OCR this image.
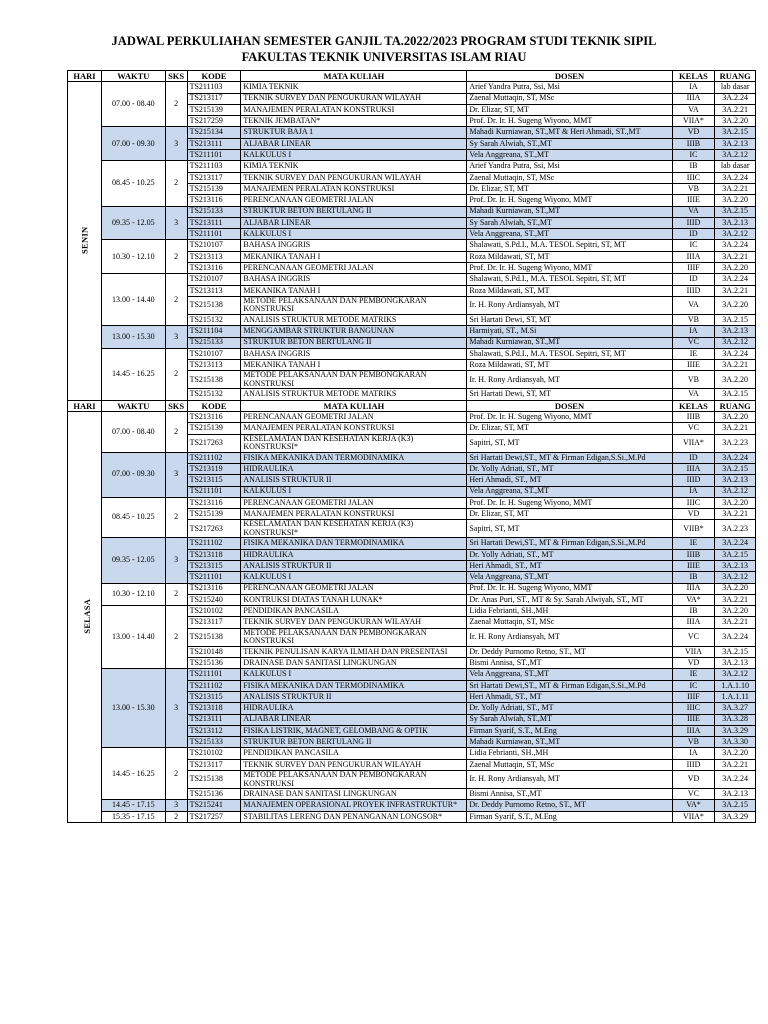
JADWAL PERKULIAHAN SEMESTER GANJIL TA.2022/2023 PROGRAM STUDI TEKNIK SIPIL
FAKULTAS TEKNIK UNIVERSITAS ISLAM RIAU
HARI	WAKTU	SKS	KODE	MATA KULIAH	DOSEN	KELAS	RUANG
SENIN	07.00 - 08.40	2	TS211103	KIMIA TEKNIK	Arief Yandra Putra, Ssi, Msi	IA	lab dasar
			TS213117	TEKNIK SURVEY DAN PENGUKURAN WILAYAH	Zaenal Muttaqin, ST, MSc	IIIA	3A.2.24
			TS215139	MANAJEMEN PERALATAN KONSTRUKSI	Dr. Elizar, ST, MT	VA	3A.2.21
			TS217259	TEKNIK JEMBATAN*	Prof. Dr. Ir. H. Sugeng Wiyono, MMT	VIIA*	3A.2.20
	07.00 - 09.30	3	TS215134	STRUKTUR BAJA 1	Mahadi Kurniawan, ST.,MT & Heri Ahmadi, ST.,MT	VD	3A.2.15
			TS213111	ALJABAR LINEAR	Sy Sarah Alwiah, ST.,MT	IIIB	3A.2.13
			TS211101	KALKULUS I	Vela Anggreana, ST.,MT	IC	3A.2.12
	08.45 - 10.25	2	TS211103	KIMIA TEKNIK	Arief Yandra Putra, Ssi, Msi	IB	lab dasar
			TS213117	TEKNIK SURVEY DAN PENGUKURAN WILAYAH	Zaenal Muttaqin, ST, MSc	IIIC	3A.2.24
			TS215139	MANAJEMEN PERALATAN KONSTRUKSI	Dr. Elizar, ST, MT	VB	3A.2.21
			TS213116	PERENCANAAN GEOMETRI JALAN	Prof. Dr. Ir. H. Sugeng Wiyono, MMT	IIIE	3A.2.20
	09.35 - 12.05	3	TS215133	STRUKTUR BETON BERTULANG II	Mahadi Kurniawan, ST.,MT	VA	3A.2.15
			TS213111	ALJABAR LINEAR	Sy Sarah Alwiah, ST.,MT	IIID	3A.2.13
			TS211101	KALKULUS I	Vela Anggreana, ST.,MT	ID	3A.2.12
	10.30 - 12.10	2	TS210107	BAHASA INGGRIS	Shalawati, S.Pd.I., M.A. TESOL Sepitri, ST, MT	IC	3A.2.24
			TS213113	MEKANIKA TANAH I	Roza Mildawati, ST, MT	IIIA	3A.2.21
			TS213116	PERENCANAAN GEOMETRI JALAN	Prof. Dr. Ir. H. Sugeng Wiyono, MMT	IIIF	3A.2.20
	13.00 - 14.40	2	TS210107	BAHASA INGGRIS	Shalawati, S.Pd.I., M.A. TESOL Sepitri, ST, MT	ID	3A.2.24
			TS213113	MEKANIKA TANAH I	Roza Mildawati, ST, MT	IIID	3A.2.21
			TS215138	METODE PELAKSANAAN DAN PEMBONGKARAN KONSTRUKSI	Ir. H. Rony Ardiansyah, MT	VA	3A.2.20
			TS215132	ANALISIS STRUKTUR METODE MATRIKS	Sri Hartati Dewi, ST, MT	VB	3A.2.15
	13.00 - 15.30	3	TS211104	MENGGAMBAR STRUKTUR BANGUNAN	Harmiyati, ST., M.Si	IA	3A.2.13
			TS215133	STRUKTUR BETON BERTULANG II	Mahadi Kurniawan, ST.,MT	VC	3A.2.12
	14.45 - 16.25	2	TS210107	BAHASA INGGRIS	Shalawati, S.Pd.I., M.A. TESOL Sepitri, ST, MT	IE	3A.2.24
			TS213113	MEKANIKA TANAH I	Roza Mildawati, ST, MT	IIIE	3A.2.21
			TS215138	METODE PELAKSANAAN DAN PEMBONGKARAN KONSTRUKSI	Ir. H. Rony Ardiansyah, MT	VB	3A.2.20
			TS215132	ANALISIS STRUKTUR METODE MATRIKS	Sri Hartati Dewi, ST, MT	VA	3A.2.15
HARI	WAKTU	SKS	KODE	MATA KULIAH	DOSEN	KELAS	RUANG
SELASA	07.00 - 08.40	2	TS213116	PERENCANAAN GEOMETRI JALAN	Prof. Dr. Ir. H. Sugeng Wiyono, MMT	IIIB	3A.2.20
			TS215139	MANAJEMEN PERALATAN KONSTRUKSI	Dr. Elizar, ST, MT	VC	3A.2.21
			TS217263	KESELAMATAN DAN KESEHATAN KERJA (K3) KONSTRUKSI*	Sapitri, ST, MT	VIIA*	3A.2.23
	07.00 - 09.30	3	TS211102	FISIKA MEKANIKA DAN TERMODINAMIKA	Sri Hartati Dewi,ST., MT & Firman Edigan,S.Si.,M.Pd	ID	3A.2.24
			TS213119	HIDRAULIKA	Dr. Yolly Adriati, ST., MT	IIIA	3A.2.15
			TS213115	ANALISIS STRUKTUR II	Heri Ahmadi, ST., MT	IIID	3A.2.13
			TS211101	KALKULUS I	Vela Anggreana, ST.,MT	IA	3A.2.12
	08.45 - 10.25	2	TS213116	PERENCANAAN GEOMETRI JALAN	Prof. Dr. Ir. H. Sugeng Wiyono, MMT	IIIC	3A.2.20
			TS215139	MANAJEMEN PERALATAN KONSTRUKSI	Dr. Elizar, ST, MT	VD	3A.2.21
			TS217263	KESELAMATAN DAN KESEHATAN KERJA (K3) KONSTRUKSI*	Sapitri, ST, MT	VIIB*	3A.2.23
	09.35 - 12.05	3	TS211102	FISIKA MEKANIKA DAN TERMODINAMIKA	Sri Hartati Dewi,ST., MT & Firman Edigan,S.Si.,M.Pd	IE	3A.2.24
			TS213118	HIDRAULIKA	Dr. Yolly Adriati, ST., MT	IIIB	3A.2.15
			TS213115	ANALISIS STRUKTUR II	Heri Ahmadi, ST., MT	IIIE	3A.2.13
			TS211101	KALKULUS I	Vela Anggreana, ST.,MT	IB	3A.2.12
	10.30 - 12.10	2	TS213116	PERENCANAAN GEOMETRI JALAN	Prof. Dr. Ir. H. Sugeng Wiyono, MMT	IIIA	3A.2.20
			TS215240	KONTRUKSI DIATAS TANAH LUNAK*	Dr. Anas Puri, ST., MT & Sy. Sarah Alwiyah, ST., MT	VA*	3A.2.21
	13.00 - 14.40	2	TS210102	PENDIDIKAN PANCASILA	Lidia Febrianti, SH.,MH	IB	3A.2.20
			TS213117	TEKNIK SURVEY DAN PENGUKURAN WILAYAH	Zaenal Muttaqin, ST, MSc	IIIA	3A.2.21
			TS215138	METODE PELAKSANAAN DAN PEMBONGKARAN KONSTRUKSI	Ir. H. Rony Ardiansyah, MT	VC	3A.2.24
			TS210148	TEKNIK PENULISAN KARYA ILMIAH DAN PRESENTASI	Dr. Deddy Purnomo Retno, ST., MT	VIIA	3A.2.15
			TS215136	DRAINASE DAN SANITASI LINGKUNGAN	Bismi Annisa, ST.,MT	VD	3A.2.13
	13.00 - 15.30	3	TS211101	KALKULUS I	Vela Anggreana, ST.,MT	IE	3A.2.12
			TS211102	FISIKA MEKANIKA DAN TERMODINAMIKA	Sri Hartati Dewi,ST., MT & Firman Edigan,S.Si.,M.Pd	IC	1.A.1.10
			TS213115	ANALISIS STRUKTUR II	Heri Ahmadi, ST., MT	IIIF	1.A.1.11
			TS213118	HIDRAULIKA	Dr. Yolly Adriati, ST., MT	IIIC	3A.3.27
			TS213111	ALJABAR LINEAR	Sy Sarah Alwiah, ST.,MT	IIIE	3A.3.28
			TS213112	FISIKA LISTRIK, MAGNET, GELOMBANG & OPTIK	Firman Syarif, S.T., M.Eng	IIIA	3A.3.29
			TS215133	STRUKTUR BETON BERTULANG II	Mahadi Kurniawan, ST.,MT	VB	3A.3.30
	14.45 - 16.25	2	TS210102	PENDIDIKAN PANCASILA	Lidia Febrianti, SH.,MH	IA	3A.2.20
			TS213117	TEKNIK SURVEY DAN PENGUKURAN WILAYAH	Zaenal Muttaqin, ST, MSc	IIID	3A.2.21
			TS215138	METODE PELAKSANAAN DAN PEMBONGKARAN KONSTRUKSI	Ir. H. Rony Ardiansyah, MT	VD	3A.2.24
			TS215136	DRAINASE DAN SANITASI LINGKUNGAN	Bismi Annisa, ST.,MT	VC	3A.2.13
	14.45 - 17.15	3	TS215241	MANAJEMEN OPERASIONAL PROYEK INFRASTRUKTUR*	Dr. Deddy Purnomo Retno, ST., MT	VA*	3A.2.15
	15.35 - 17.15	2	TS217257	STABILITAS LERENG DAN PENANGANAN LONGSOR*	Firman Syarif, S.T., M.Eng	VIIA*	3A.3.29
